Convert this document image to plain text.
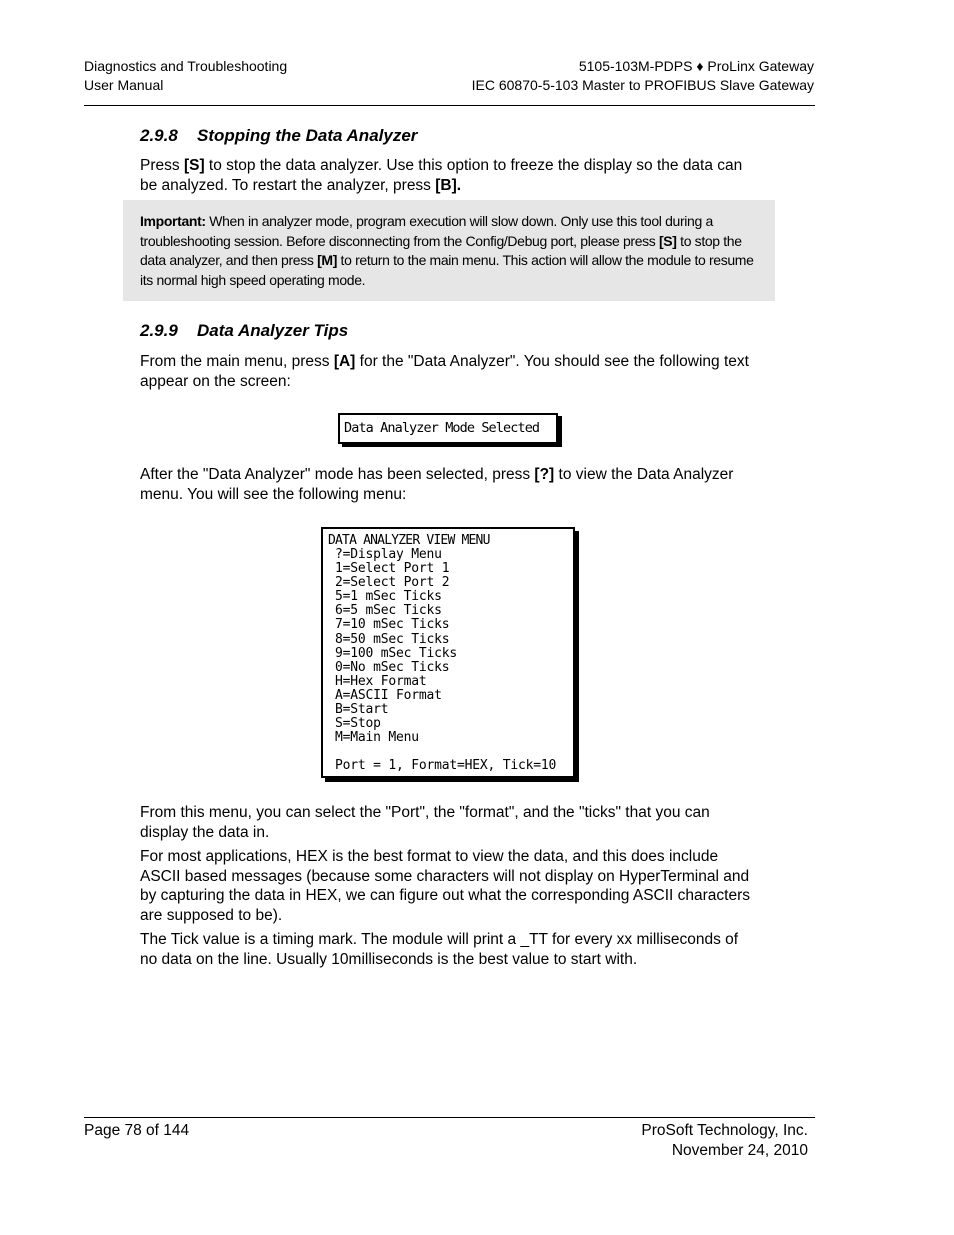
Diagnostics and Troubleshooting
User Manual
5105-103M-PDPS ♦ ProLinx Gateway
IEC 60870-5-103 Master to PROFIBUS Slave Gateway
2.9.8 Stopping the Data Analyzer

Press [S] to stop the data analyzer. Use this option to freeze the display so the data can be analyzed. To restart the analyzer, press [B].

Important: When in analyzer mode, program execution will slow down. Only use this tool during a troubleshooting session. Before disconnecting from the Config/Debug port, please press [S] to stop the data analyzer, and then press [M] to return to the main menu. This action will allow the module to resume its normal high speed operating mode.
2.9.9 Data Analyzer Tips

From the main menu, press [A] for the "Data Analyzer". You should see the following text appear on the screen:

Data Analyzer Mode Selected

After the "Data Analyzer" mode has been selected, press [?] to view the Data Analyzer menu. You will see the following menu:

DATA ANALYZER VIEW MENU
?=Display Menu
1=Select Port 1
2=Select Port 2
5=1 mSec Ticks
6=5 mSec Ticks
7=10 mSec Ticks
8=50 mSec Ticks
9=100 mSec Ticks
0=No mSec Ticks
H=Hex Format
A=ASCII Format
B=Start
S=Stop
M=Main Menu
Port = 1, Format=HEX, Tick=10

From this menu, you can select the "Port", the "format", and the "ticks" that you can display the data in.

For most applications, HEX is the best format to view the data, and this does include ASCII based messages (because some characters will not display on HyperTerminal and by capturing the data in HEX, we can figure out what the corresponding ASCII characters are supposed to be).

The Tick value is a timing mark. The module will print a _TT for every xx milliseconds of no data on the line. Usually 10milliseconds is the best value to start with.

Page 78 of 144	ProSoft Technology, Inc.
November 24, 2010
